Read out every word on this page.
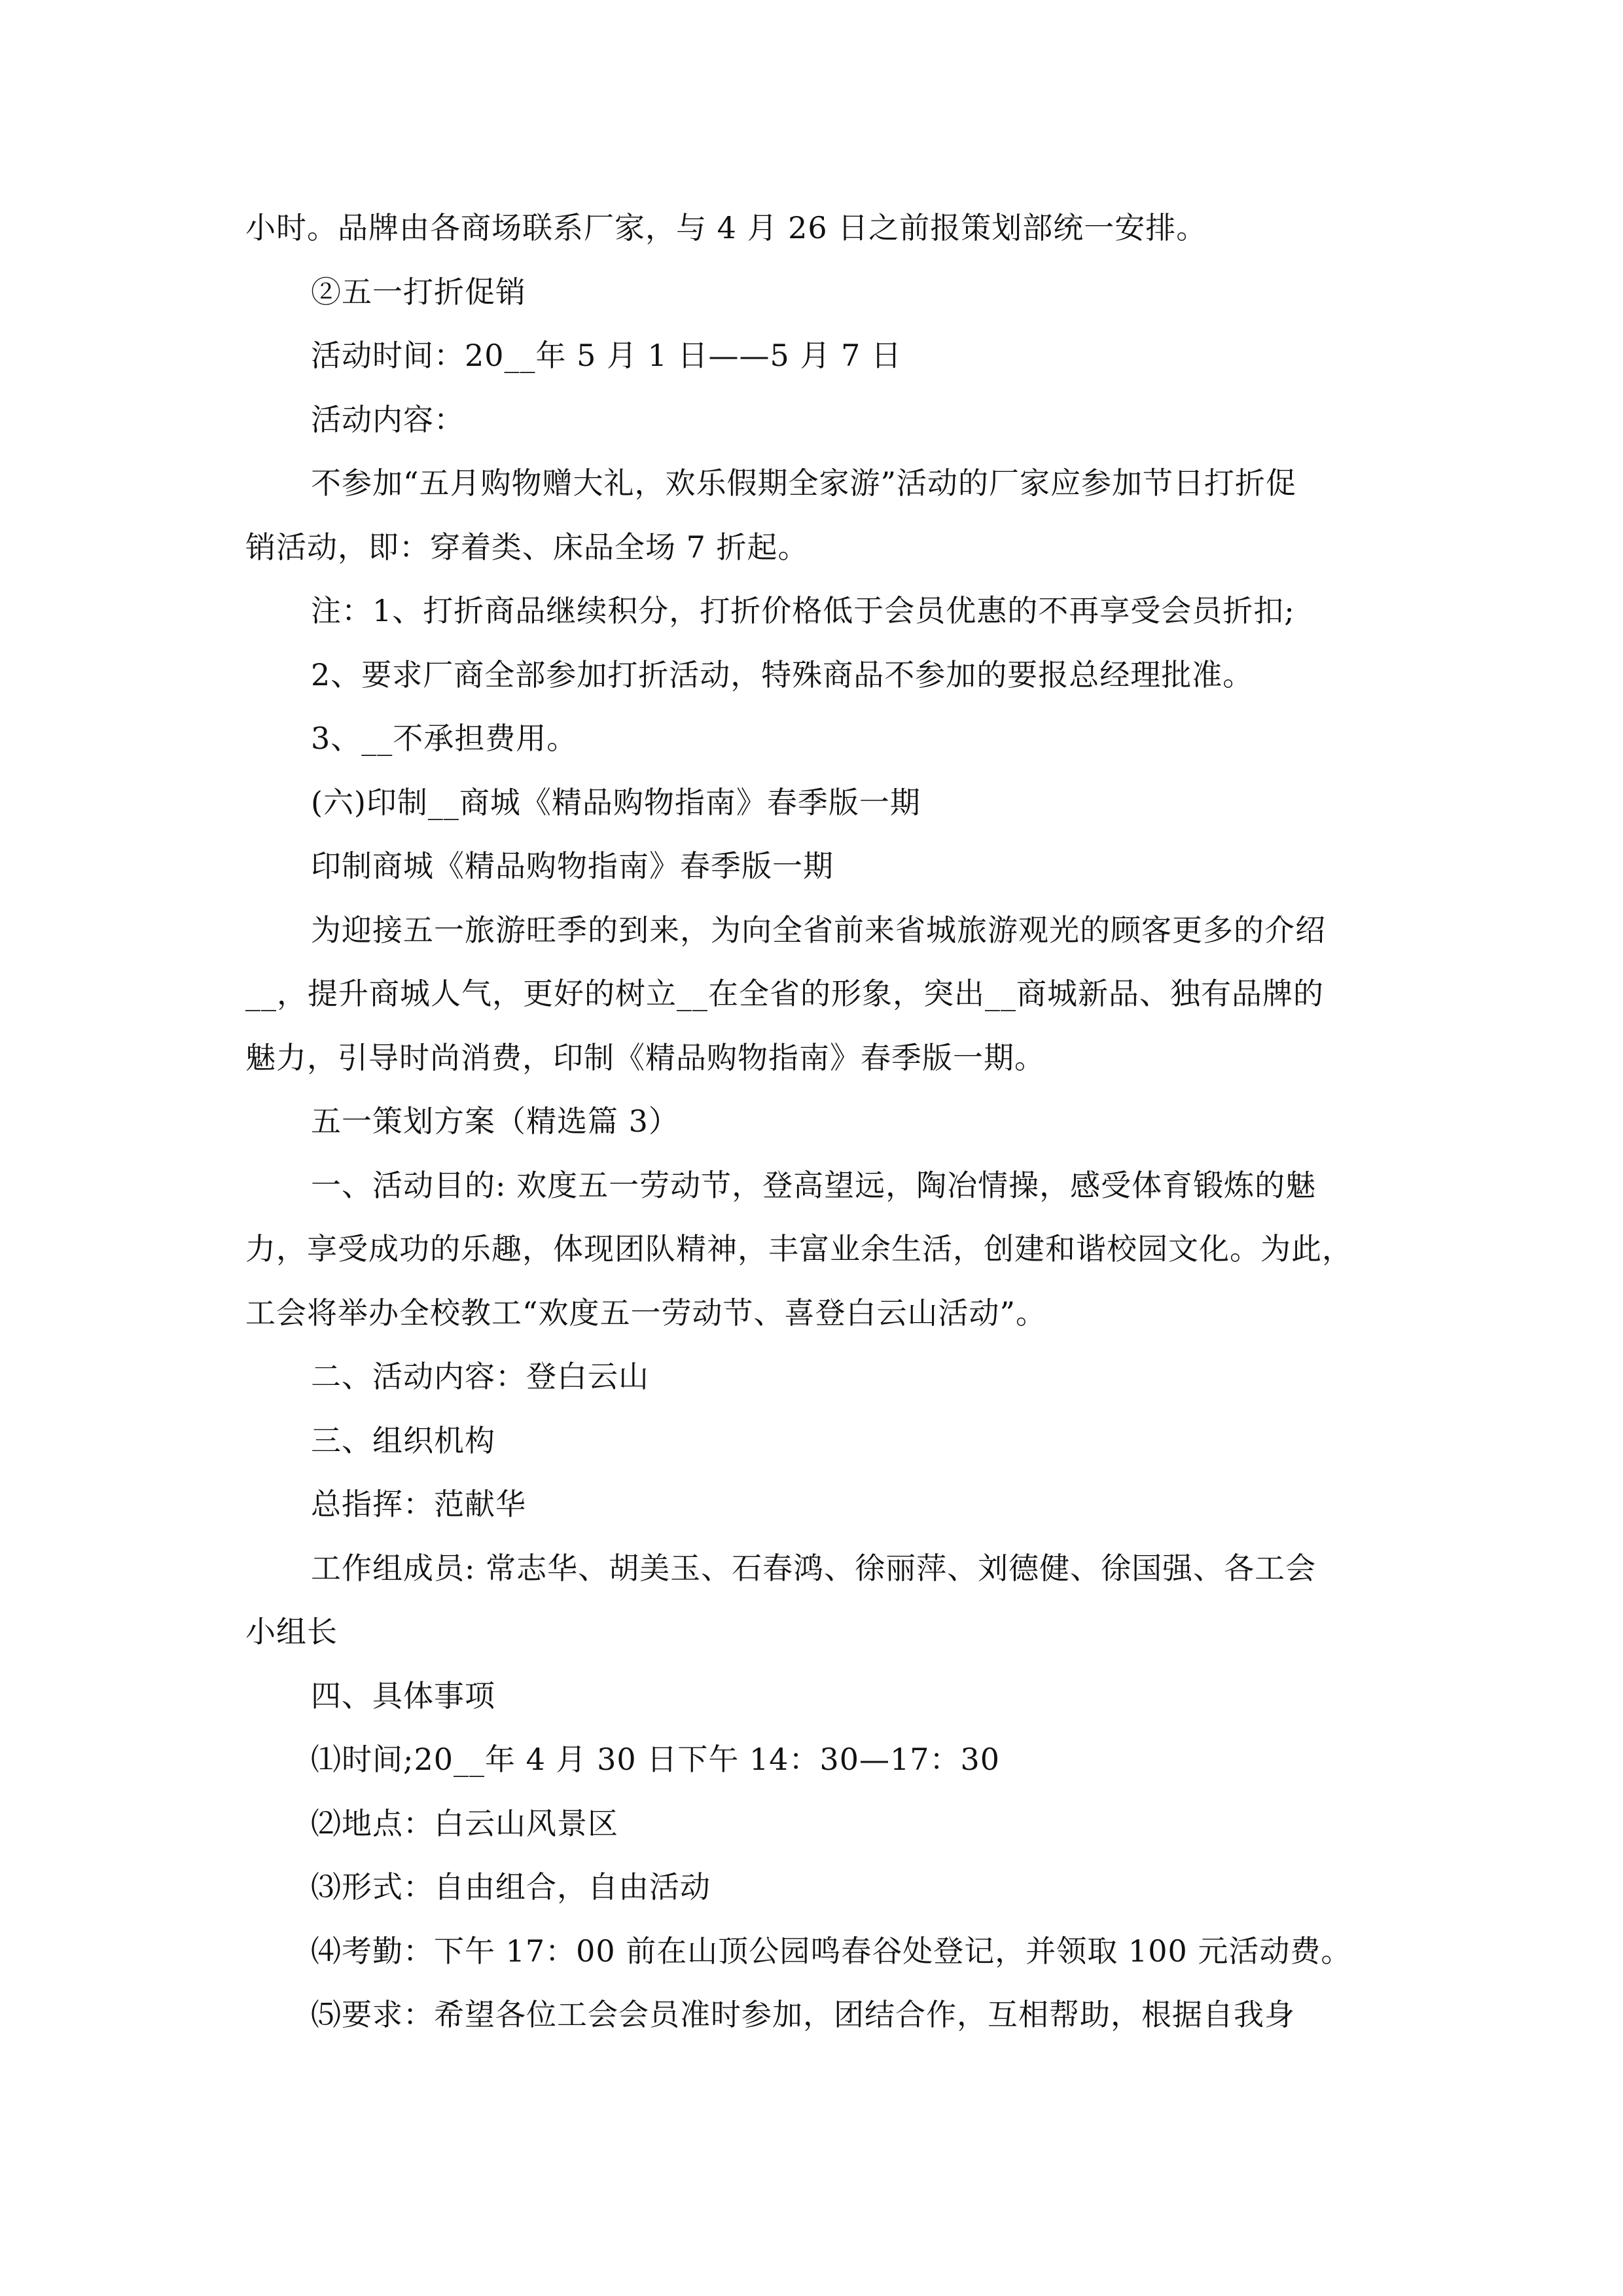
小时。品牌由各商场联系厂家，与 4 月 26 日之前报策划部统一安排。
②五一打折促销
活动时间：20__年 5 月 1 日——5 月 7 日
活动内容：
不参加“五月购物赠大礼，欢乐假期全家游”活动的厂家应参加节日打折促
销活动，即：穿着类、床品全场 7 折起。
注：1、打折商品继续积分，打折价格低于会员优惠的不再享受会员折扣;
2、要求厂商全部参加打折活动，特殊商品不参加的要报总经理批准。
3、__不承担费用。
(六)印制__商城《精品购物指南》春季版一期
印制商城《精品购物指南》春季版一期
为迎接五一旅游旺季的到来，为向全省前来省城旅游观光的顾客更多的介绍
__，提升商城人气，更好的树立__在全省的形象，突出__商城新品、独有品牌的
魅力，引导时尚消费，印制《精品购物指南》春季版一期。
五一策划方案（精选篇 3）
一、活动目的: 欢度五一劳动节，登高望远，陶冶情操，感受体育锻炼的魅
力，享受成功的乐趣，体现团队精神，丰富业余生活，创建和谐校园文化。为此，
工会将举办全校教工“欢度五一劳动节、喜登白云山活动”。
二、活动内容：登白云山
三、组织机构
总指挥：范献华
工作组成员: 常志华、胡美玉、石春鸿、徐丽萍、刘德健、徐国强、各工会
小组长
四、具体事项
⑴时间;20__年 4 月 30 日下午 14：30—17：30
⑵地点：白云山风景区
⑶形式：自由组合，自由活动
⑷考勤：下午 17：00 前在山顶公园鸣春谷处登记，并领取 100 元活动费。
⑸要求：希望各位工会会员准时参加，团结合作，互相帮助，根据自我身
